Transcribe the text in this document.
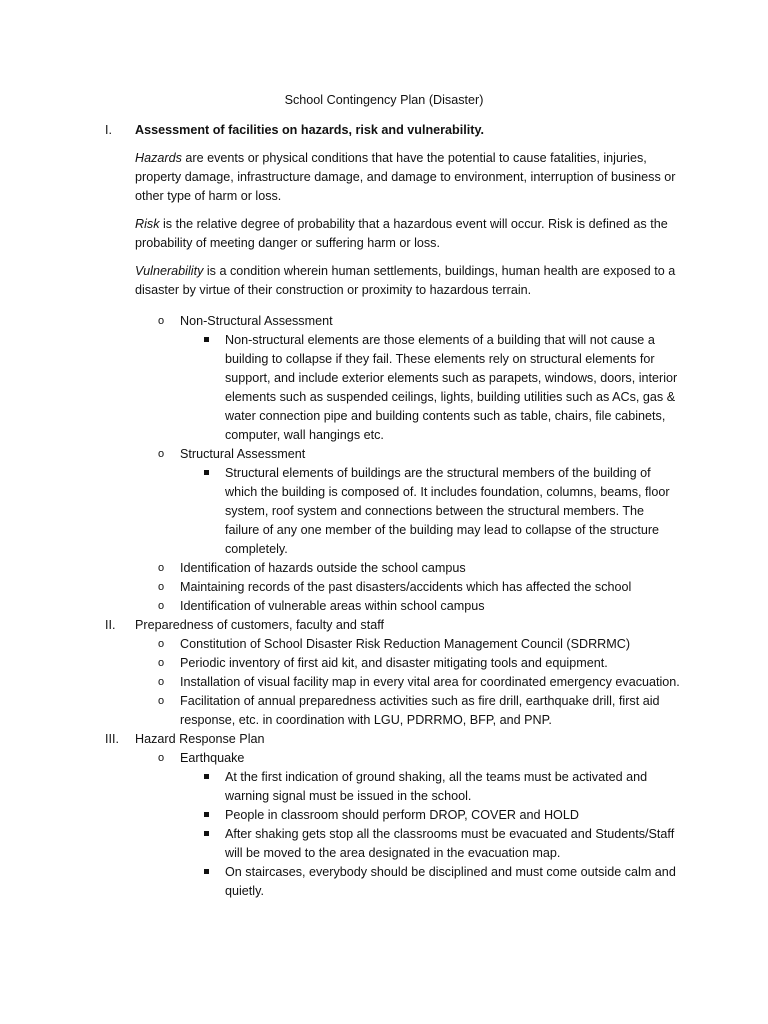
School Contingency Plan (Disaster)
I.	Assessment of facilities on hazards, risk and vulnerability.

Hazards are events or physical conditions that have the potential to cause fatalities, injuries, property damage, infrastructure damage, and damage to environment, interruption of business or other type of harm or loss.

Risk is the relative degree of probability that a hazardous event will occur. Risk is defined as the probability of meeting danger or suffering harm or loss.

Vulnerability is a condition wherein human settlements, buildings, human health are exposed to a disaster by virtue of their construction or proximity to hazardous terrain.

o Non-Structural Assessment
Non-structural elements are those elements of a building that will not cause a building to collapse if they fail. These elements rely on structural elements for support, and include exterior elements such as parapets, windows, doors, interior elements such as suspended ceilings, lights, building utilities such as ACs, gas & water connection pipe and building contents such as table, chairs, file cabinets, computer, wall hangings etc.
o Structural Assessment
Structural elements of buildings are the structural members of the building of which the building is composed of. It includes foundation, columns, beams, floor system, roof system and connections between the structural members. The failure of any one member of the building may lead to collapse of the structure completely.
o Identification of hazards outside the school campus
o Maintaining records of the past disasters/accidents which has affected the school
o Identification of vulnerable areas within school campus
II.	Preparedness of customers, faculty and staff
o Constitution of School Disaster Risk Reduction Management Council (SDRRMC)
o Periodic inventory of first aid kit, and disaster mitigating tools and equipment.
o Installation of visual facility map in every vital area for coordinated emergency evacuation.
o Facilitation of annual preparedness activities such as fire drill, earthquake drill, first aid response, etc. in coordination with LGU, PDRRMO, BFP, and PNP.
III.	Hazard Response Plan
o Earthquake
At the first indication of ground shaking, all the teams must be activated and warning signal must be issued in the school.
People in classroom should perform DROP, COVER and HOLD
After shaking gets stop all the classrooms must be evacuated and Students/Staff will be moved to the area designated in the evacuation map.
On staircases, everybody should be disciplined and must come outside calm and quietly.
